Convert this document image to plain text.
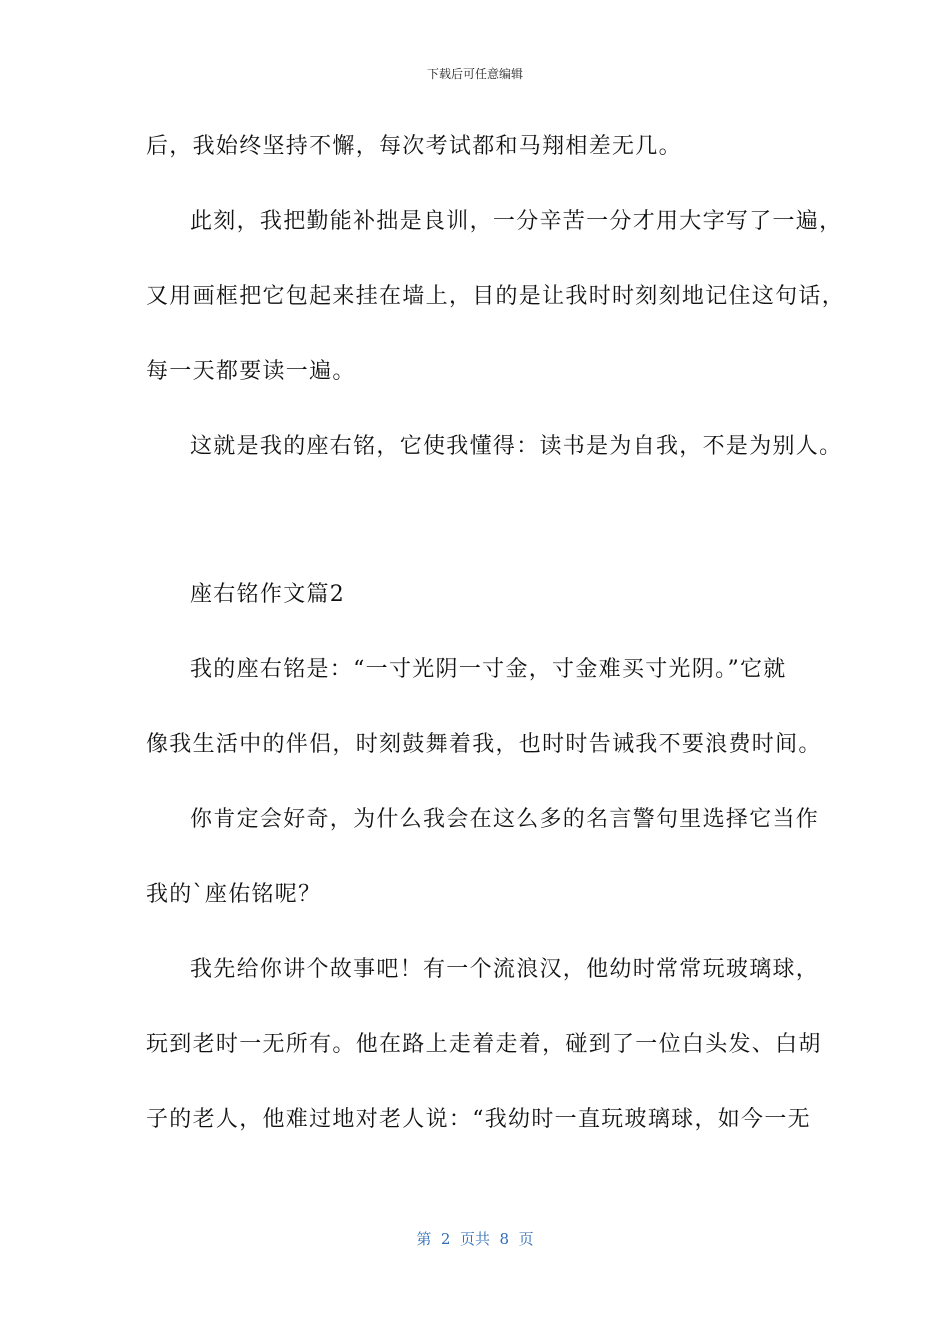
下载后可任意编辑
后，我始终坚持不懈，每次考试都和马翔相差无几。
此刻，我把勤能补拙是良训，一分辛苦一分才用大字写了一遍，
又用画框把它包起来挂在墙上，目的是让我时时刻刻地记住这句话，
每一天都要读一遍。
这就是我的座右铭，它使我懂得：读书是为自我，不是为别人。
座右铭作文篇2
我的座右铭是：“一寸光阴一寸金，寸金难买寸光阴。”它就
像我生活中的伴侣，时刻鼓舞着我，也时时告诫我不要浪费时间。
你肯定会好奇，为什么我会在这么多的名言警句里选择它当作
我的`座佑铭呢？
我先给你讲个故事吧！有一个流浪汉，他幼时常常玩玻璃球，
玩到老时一无所有。他在路上走着走着，碰到了一位白头发、白胡
子的老人，他难过地对老人说：“我幼时一直玩玻璃球，如今一无
第  2  页共  8  页
